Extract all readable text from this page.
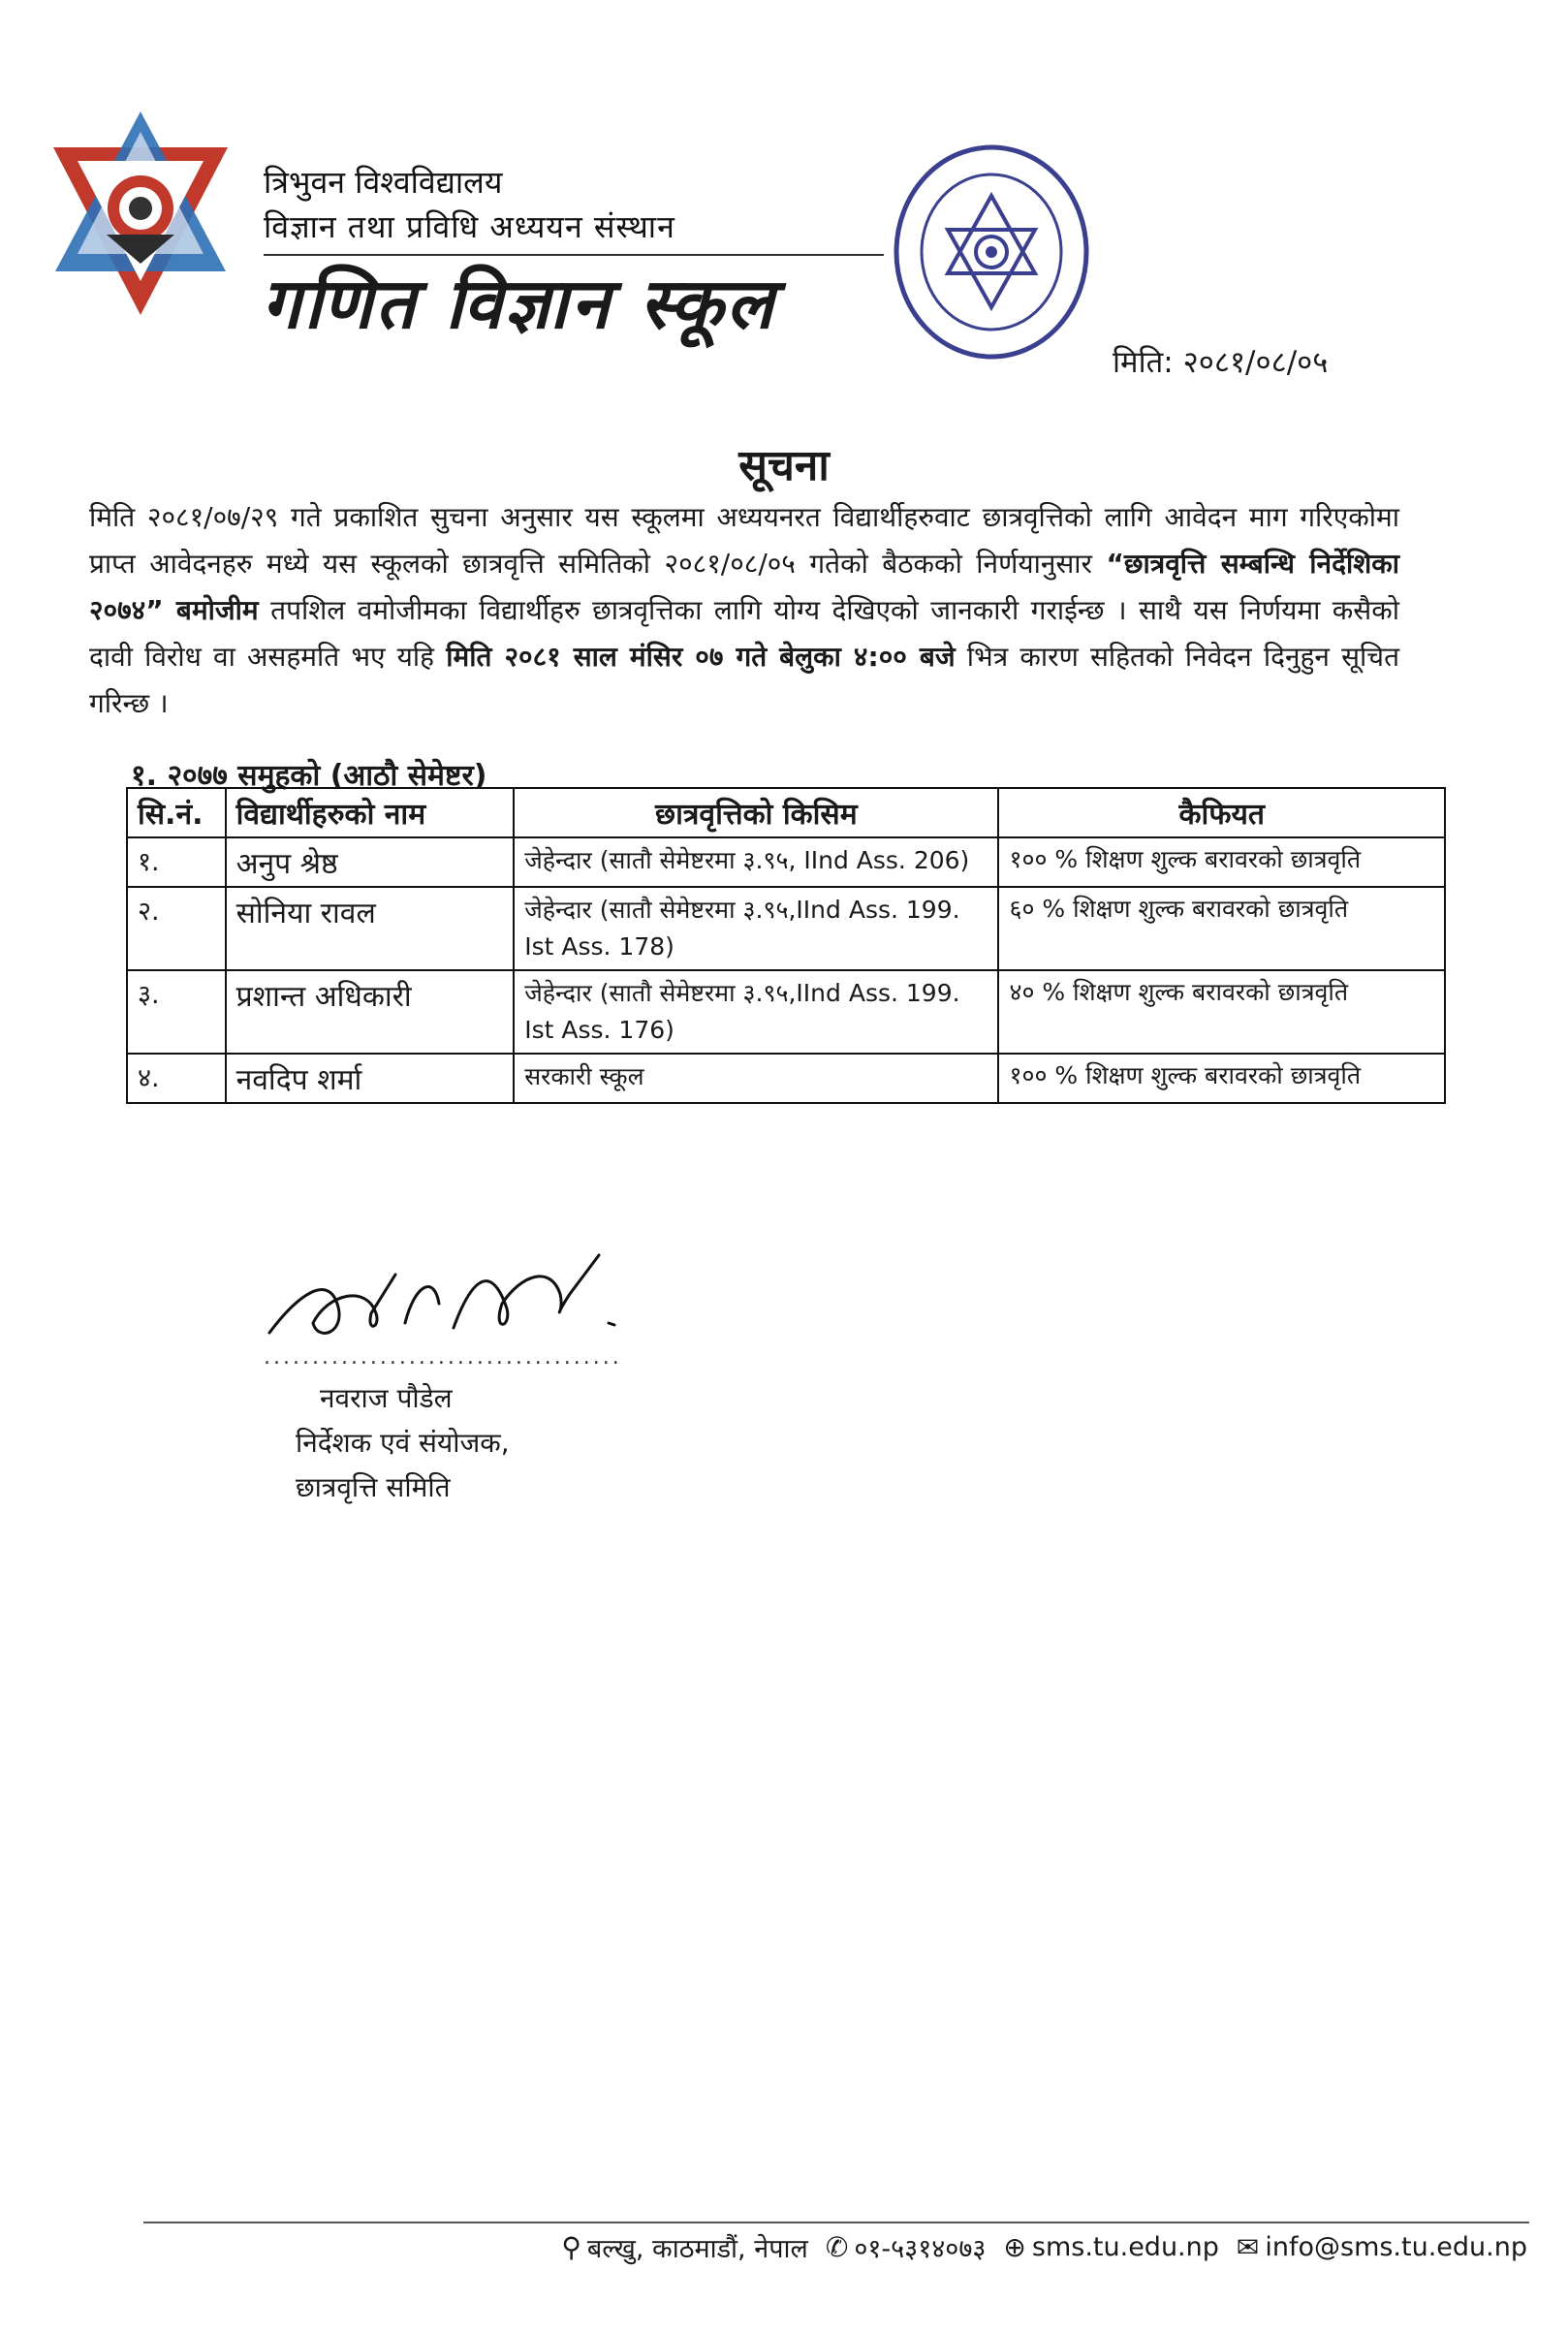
त्रिभुवन विश्वविद्यालय
विज्ञान तथा प्रविधि अध्ययन संस्थान
गणित विज्ञान स्कूल
मिति: २०८१/०८/०५
सूचना
मिति २०८१/०७/२९ गते प्रकाशित सुचना अनुसार यस स्कूलमा अध्ययनरत विद्यार्थीहरुवाट छात्रवृत्तिको लागि आवेदन माग गरिएकोमा प्राप्त आवेदनहरु मध्ये यस स्कूलको छात्रवृत्ति समितिको २०८१/०८/०५ गतेको बैठकको निर्णयानुसार “छात्रवृत्ति सम्बन्धि निर्देशिका २०७४” बमोजीम तपशिल वमोजीमका विद्यार्थीहरु छात्रवृत्तिका लागि योग्य देखिएको जानकारी गराईन्छ । साथै यस निर्णयमा कसैको दावी विरोध वा असहमति भए यहि मिति २०८१ साल मंसिर ०७ गते बेलुका ४:०० बजे भित्र कारण सहितको निवेदन दिनुहुन सूचित गरिन्छ ।
१. २०७७ समुहको (आठौ सेमेष्टर)
सि.नं.	विद्यार्थीहरुको नाम	छात्रवृत्तिको किसिम	कैफियत
१.	अनुप श्रेष्ठ	जेहेन्दार (सातौ सेमेष्टरमा ३.९५, IInd Ass. 206)	१०० % शिक्षण शुल्क बरावरको छात्रवृति
२.	सोनिया रावल	जेहेन्दार (सातौ सेमेष्टरमा ३.९५,IInd Ass. 199.
Ist Ass. 178)	६० % शिक्षण शुल्क बरावरको छात्रवृति
३.	प्रशान्त अधिकारी	जेहेन्दार (सातौ सेमेष्टरमा ३.९५,IInd Ass. 199.
Ist Ass. 176)	४० % शिक्षण शुल्क बरावरको छात्रवृति
४.	नवदिप शर्मा	सरकारी स्कूल	१०० % शिक्षण शुल्क बरावरको छात्रवृति
.....................................
नवराज पौडेल
निर्देशक एवं संयोजक,
छात्रवृत्ति समिति
⚲ बल्खु, काठमाडौं, नेपाल ✆ ०१-५३१४०७३ ⊕ sms.tu.edu.np ✉ info@sms.tu.edu.np
